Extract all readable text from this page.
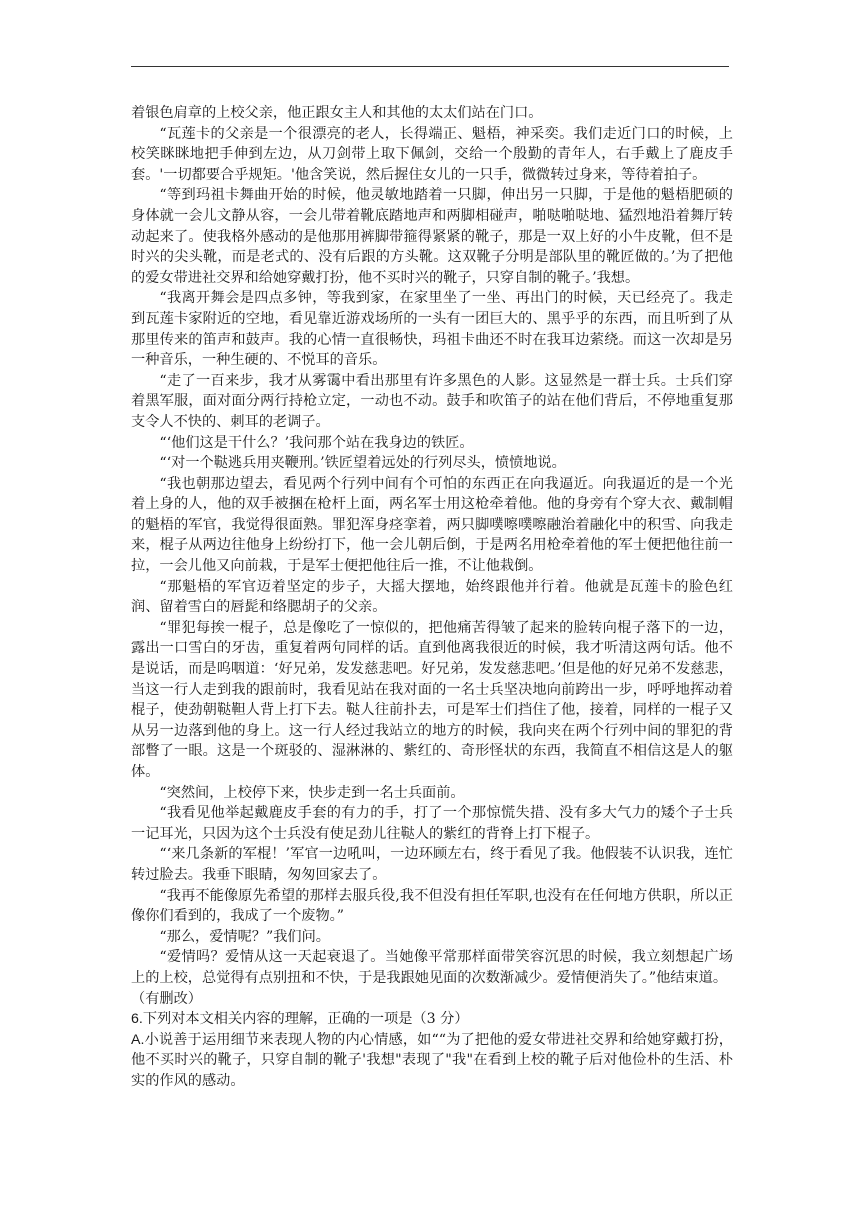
着银色肩章的上校父亲，他正跟女主人和其他的太太们站在门口。

“瓦莲卡的父亲是一个很漂亮的老人，长得端正、魁梧，神采奕。我们走近门口的时候，上校笑眯眯地把手伸到左边，从刀剑带上取下佩剑，交给一个殷勤的青年人，右手戴上了鹿皮手套。'一切都要合乎规矩。'他含笑说，然后握住女儿的一只手，微微转过身来，等待着拍子。

“等到玛祖卡舞曲开始的时候，他灵敏地踏着一只脚，伸出另一只脚，于是他的魁梧肥硕的身体就一会儿文静从容，一会儿带着靴底踏地声和两脚相碰声，啪哒啪哒地、猛烈地沿着舞厅转动起来了。使我格外感动的是他那用裤脚带箍得紧紧的靴子，那是一双上好的小牛皮靴，但不是时兴的尖头靴，而是老式的、没有后跟的方头靴。这双靴子分明是部队里的靴匠做的。’为了把他的爱女带进社交界和给她穿戴打扮，他不买时兴的靴子，只穿自制的靴子。’我想。

“我离开舞会是四点多钟，等我到家，在家里坐了一坐、再出门的时候，天已经亮了。我走到瓦莲卡家附近的空地，看见靠近游戏场所的一头有一团巨大的、黑乎乎的东西，而且听到了从那里传来的笛声和鼓声。我的心情一直很畅快，玛祖卡曲还不时在我耳边萦绕。而这一次却是另一种音乐，一种生硬的、不悦耳的音乐。

“走了一百来步，我才从雾霭中看出那里有许多黑色的人影。这显然是一群士兵。士兵们穿着黑军服，面对面分两行持枪立定，一动也不动。鼓手和吹笛子的站在他们背后，不停地重复那支令人不快的、刺耳的老调子。

“‘他们这是干什么？’我问那个站在我身边的铁匠。

“‘对一个鞑逃兵用夹鞭刑。’铁匠望着远处的行列尽头，愤愤地说。

“我也朝那边望去，看见两个行列中间有个可怕的东西正在向我逼近。向我逼近的是一个光着上身的人，他的双手被捆在枪杆上面，两名军士用这枪牵着他。他的身旁有个穿大衣、戴制帽的魁梧的军官，我觉得很面熟。罪犯浑身痉挛着，两只脚噗嚓噗嚓融治着融化中的积雪、向我走来，棍子从两边往他身上纷纷打下，他一会儿朝后倒，于是两名用枪牵着他的军士便把他往前一拉，一会儿他又向前栽，于是军士便把他往后一推，不让他栽倒。

“那魁梧的军官迈着坚定的步子，大摇大摆地，始终跟他并行着。他就是瓦莲卡的脸色红润、留着雪白的唇髭和络腮胡子的父亲。

“罪犯每挨一棍子，总是像吃了一惊似的，把他痛苦得皱了起来的脸转向棍子落下的一边，露出一口雪白的牙齿，重复着两句同样的话。直到他离我很近的时候，我才听清这两句话。他不是说话，而是呜咽道：‘好兄弟，发发慈悲吧。好兄弟，发发慈悲吧。’但是他的好兄弟不发慈悲，当这一行人走到我的跟前时，我看见站在我对面的一名士兵坚决地向前跨出一步，呼呼地挥动着棍子，使劲朝鞑靼人背上打下去。鞑人往前扑去，可是军士们挡住了他，接着，同样的一棍子又从另一边落到他的身上。这一行人经过我站立的地方的时候，我向夹在两个行列中间的罪犯的背部瞥了一眼。这是一个斑驳的、湿淋淋的、紫红的、奇形怪状的东西，我简直不相信这是人的躯体。

“突然间，上校停下来，快步走到一名士兵面前。

“我看见他举起戴鹿皮手套的有力的手，打了一个那惊慌失措、没有多大气力的矮个子士兵一记耳光，只因为这个士兵没有使足劲儿往鞑人的紫红的背脊上打下棍子。

“‘来几条新的军棍！’军官一边吼叫，一边环顾左右，终于看见了我。他假装不认识我，连忙转过脸去。我垂下眼睛，匆匆回家去了。

“我再不能像原先希望的那样去服兵役,我不但没有担任军职,也没有在任何地方供职，所以正像你们看到的，我成了一个废物。”

“那么，爱情呢？”我们问。

“爱情吗？爱情从这一天起衰退了。当她像平常那样面带笑容沉思的时候，我立刻想起广场上的上校，总觉得有点别扭和不快，于是我跟她见面的次数渐减少。爱情便消失了。”他结束道。

（有删改）

6.下列对本文相关内容的理解，正确的一项是（3 分）

A.小说善于运用细节来表现人物的内心情感，如““为了把他的爱女带进社交界和给她穿戴打扮，他不买时兴的靴子，只穿自制的靴子'我想"表现了"我"在看到上校的靴子后对他俭朴的生活、朴实的作风的感动。
